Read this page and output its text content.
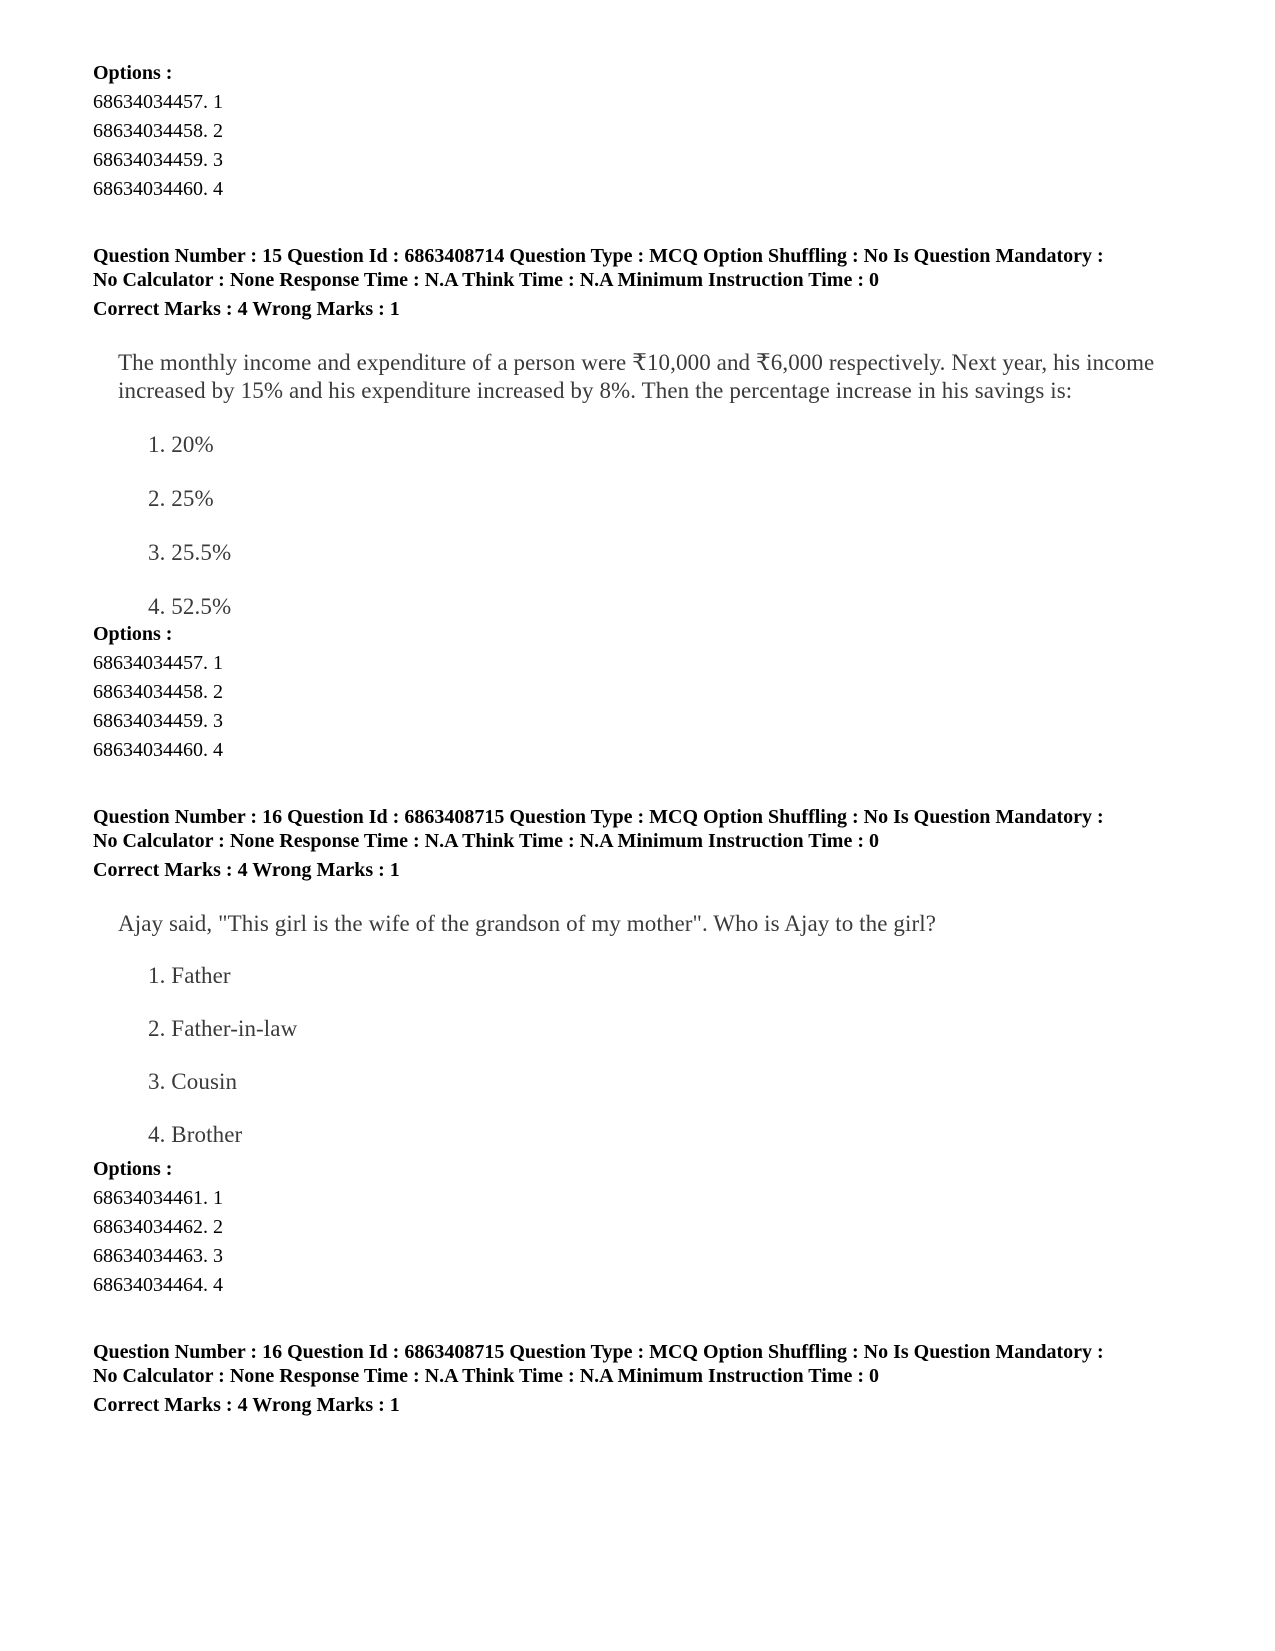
Options :
68634034457. 1
68634034458. 2
68634034459. 3
68634034460. 4
Question Number : 15 Question Id : 6863408714 Question Type : MCQ Option Shuffling : No Is Question Mandatory :
No Calculator : None Response Time : N.A Think Time : N.A Minimum Instruction Time : 0
Correct Marks : 4 Wrong Marks : 1
The monthly income and expenditure of a person were ₹10,000 and ₹6,000 respectively. Next year, his income
increased by 15% and his expenditure increased by 8%. Then the percentage increase in his savings is:
1. 20%
2. 25%
3. 25.5%
4. 52.5%
Options :
68634034457. 1
68634034458. 2
68634034459. 3
68634034460. 4
Question Number : 16 Question Id : 6863408715 Question Type : MCQ Option Shuffling : No Is Question Mandatory :
No Calculator : None Response Time : N.A Think Time : N.A Minimum Instruction Time : 0
Correct Marks : 4 Wrong Marks : 1
Ajay said, "This girl is the wife of the grandson of my mother". Who is Ajay to the girl?
1. Father
2. Father-in-law
3. Cousin
4. Brother
Options :
68634034461. 1
68634034462. 2
68634034463. 3
68634034464. 4
Question Number : 16 Question Id : 6863408715 Question Type : MCQ Option Shuffling : No Is Question Mandatory :
No Calculator : None Response Time : N.A Think Time : N.A Minimum Instruction Time : 0
Correct Marks : 4 Wrong Marks : 1
